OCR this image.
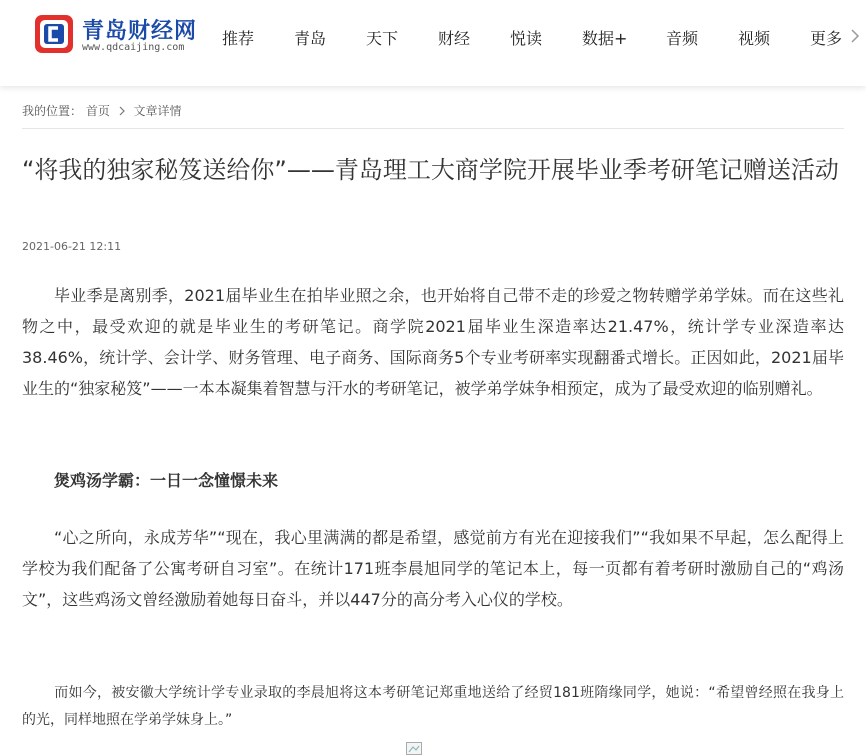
青岛财经网
www.qdcaijing.com 推荐 青岛 天下 财经 悦读 数据+ 音频 视频 更多
我的位置： 首页 文章详情
“将我的独家秘笈送给你”——青岛理工大商学院开展毕业季考研笔记赠送活动
2021-06-21 12:11

毕业季是离别季，2021届毕业生在拍毕业照之余，也开始将自己带不走的珍爱之物转赠学弟学妹。而在这些礼物之中，最受欢迎的就是毕业生的考研笔记。商学院2021届毕业生深造率达21.47%，统计学专业深造率达38.46%，统计学、会计学、财务管理、电子商务、国际商务5个专业考研率实现翻番式增长。正因如此，2021届毕业生的“独家秘笈”——一本本凝集着智慧与汗水的考研笔记，被学弟学妹争相预定，成为了最受欢迎的临别赠礼。

煲鸡汤学霸：一日一念憧憬未来

“心之所向，永成芳华”“现在，我心里满满的都是希望，感觉前方有光在迎接我们”“我如果不早起，怎么配得上学校为我们配备了公寓考研自习室”。在统计171班李晨旭同学的笔记本上，每一页都有着考研时激励自己的“鸡汤文”，这些鸡汤文曾经激励着她每日奋斗，并以447分的高分考入心仪的学校。

而如今，被安徽大学统计学专业录取的李晨旭将这本考研笔记郑重地送给了经贸181班隋缘同学，她说：“希望曾经照在我身上的光，同样地照在学弟学妹身上。”
